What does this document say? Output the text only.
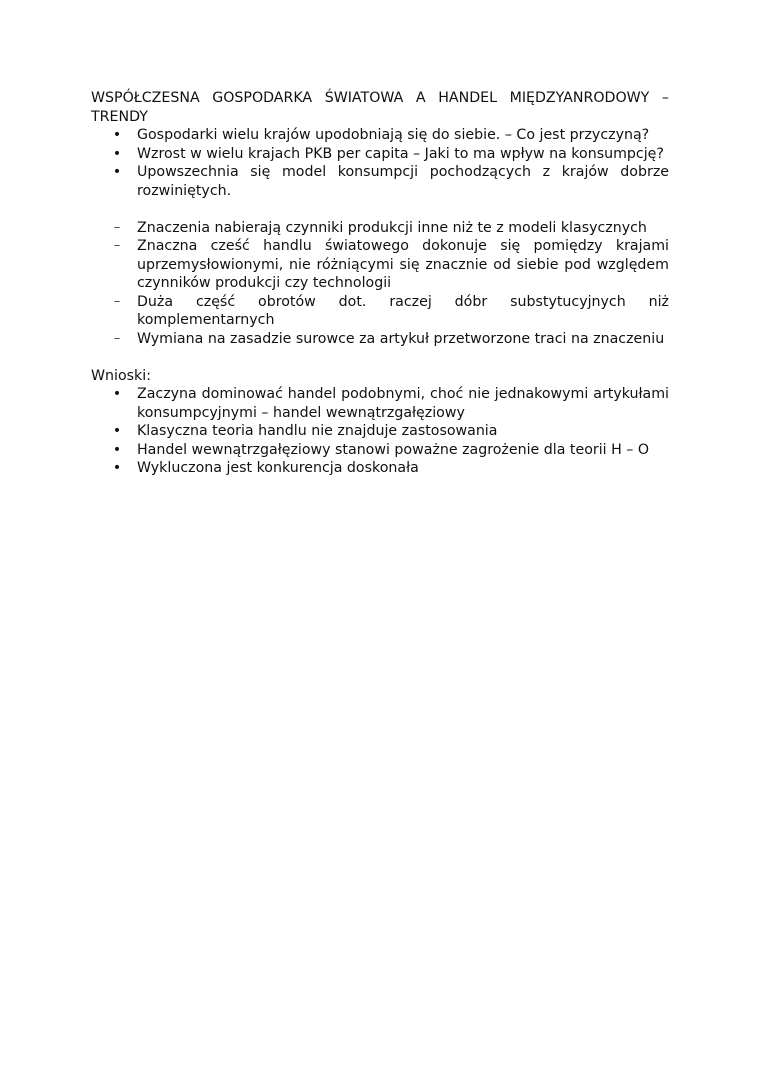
WSPÓŁCZESNA GOSPODARKA ŚWIATOWA A HANDEL MIĘDZYANRODOWY –

TRENDY

• Gospodarki wielu krajów upodobniają się do siebie. – Co jest przyczyną?
• Wzrost w wielu krajach PKB per capita – Jaki to ma wpływ na konsumpcję?
• Upowszechnia się model konsumpcji pochodzących z krajów dobrze rozwiniętych.
–	Znaczenia nabierają czynniki produkcji inne niż te z modeli klasycznych
–	Znaczna cześć handlu światowego dokonuje się pomiędzy krajami uprzemysłowionymi, nie różniącymi się znacznie od siebie pod względem czynników produkcji czy technologii
–	Duża część obrotów dot. raczej dóbr substytucyjnych niż komplementarnych
–	Wymiana na zasadzie surowce za artykuł przetworzone traci na znaczeniu

Wnioski:

• Zaczyna dominować handel podobnymi, choć nie jednakowymi artykułami konsumpcyjnymi – handel wewnątrzgałęziowy
• Klasyczna teoria handlu nie znajduje zastosowania
• Handel wewnątrzgałęziowy stanowi poważne zagrożenie dla teorii H – O
• Wykluczona jest konkurencja doskonała
